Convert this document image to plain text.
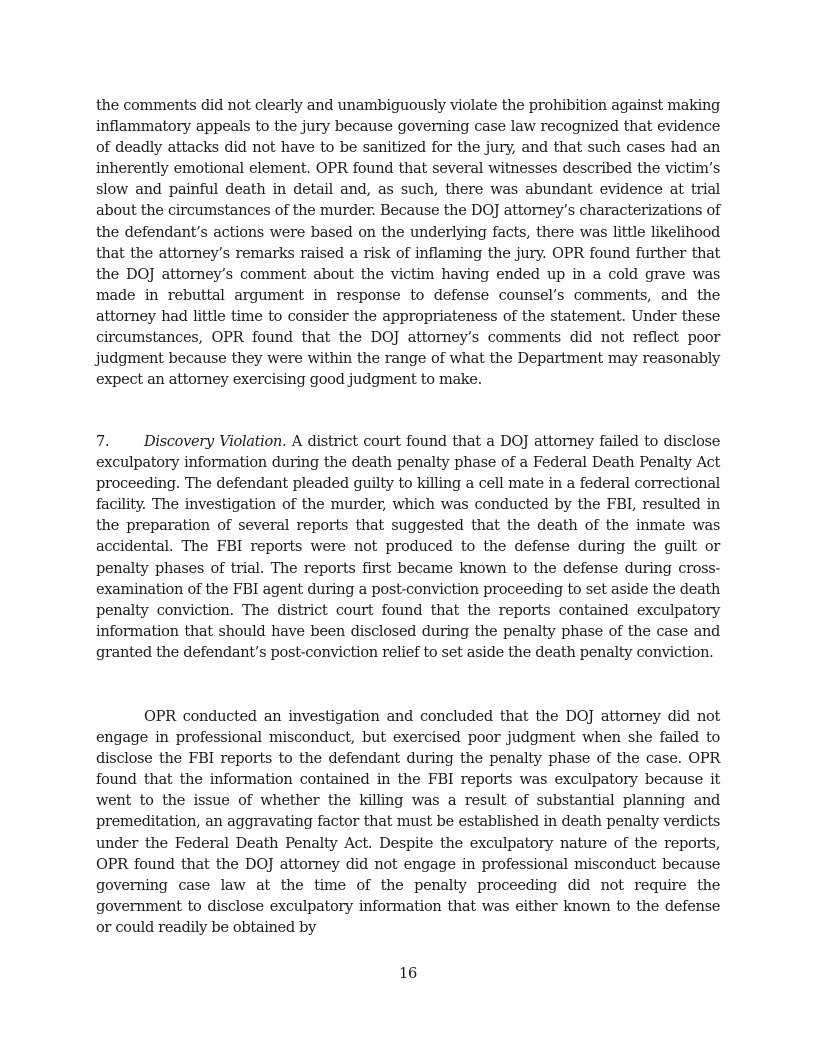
the comments did not clearly and unambiguously violate the prohibition against making inflammatory appeals to the jury because governing case law recognized that evidence of deadly attacks did not have to be sanitized for the jury, and that such cases had an inherently emotional element. OPR found that several witnesses described the victim’s slow and painful death in detail and, as such, there was abundant evidence at trial about the circumstances of the murder. Because the DOJ attorney’s characterizations of the defendant’s actions were based on the underlying facts, there was little likelihood that the attorney’s remarks raised a risk of inflaming the jury. OPR found further that the DOJ attorney’s comment about the victim having ended up in a cold grave was made in rebuttal argument in response to defense counsel’s comments, and the attorney had little time to consider the appropriateness of the statement. Under these circumstances, OPR found that the DOJ attorney’s comments did not reflect poor judgment because they were within the range of what the Department may reasonably expect an attorney exercising good judgment to make.

7. Discovery Violation. A district court found that a DOJ attorney failed to disclose exculpatory information during the death penalty phase of a Federal Death Penalty Act proceeding. The defendant pleaded guilty to killing a cell mate in a federal correctional facility. The investigation of the murder, which was conducted by the FBI, resulted in the preparation of several reports that suggested that the death of the inmate was accidental. The FBI reports were not produced to the defense during the guilt or penalty phases of trial. The reports first became known to the defense during cross-examination of the FBI agent during a post-conviction proceeding to set aside the death penalty conviction. The district court found that the reports contained exculpatory information that should have been disclosed during the penalty phase of the case and granted the defendant’s post-conviction relief to set aside the death penalty conviction.

OPR conducted an investigation and concluded that the DOJ attorney did not engage in professional misconduct, but exercised poor judgment when she failed to disclose the FBI reports to the defendant during the penalty phase of the case. OPR found that the information contained in the FBI reports was exculpatory because it went to the issue of whether the killing was a result of substantial planning and premeditation, an aggravating factor that must be established in death penalty verdicts under the Federal Death Penalty Act. Despite the exculpatory nature of the reports, OPR found that the DOJ attorney did not engage in professional misconduct because governing case law at the time of the penalty proceeding did not require the government to disclose exculpatory information that was either known to the defense or could readily be obtained by

16
